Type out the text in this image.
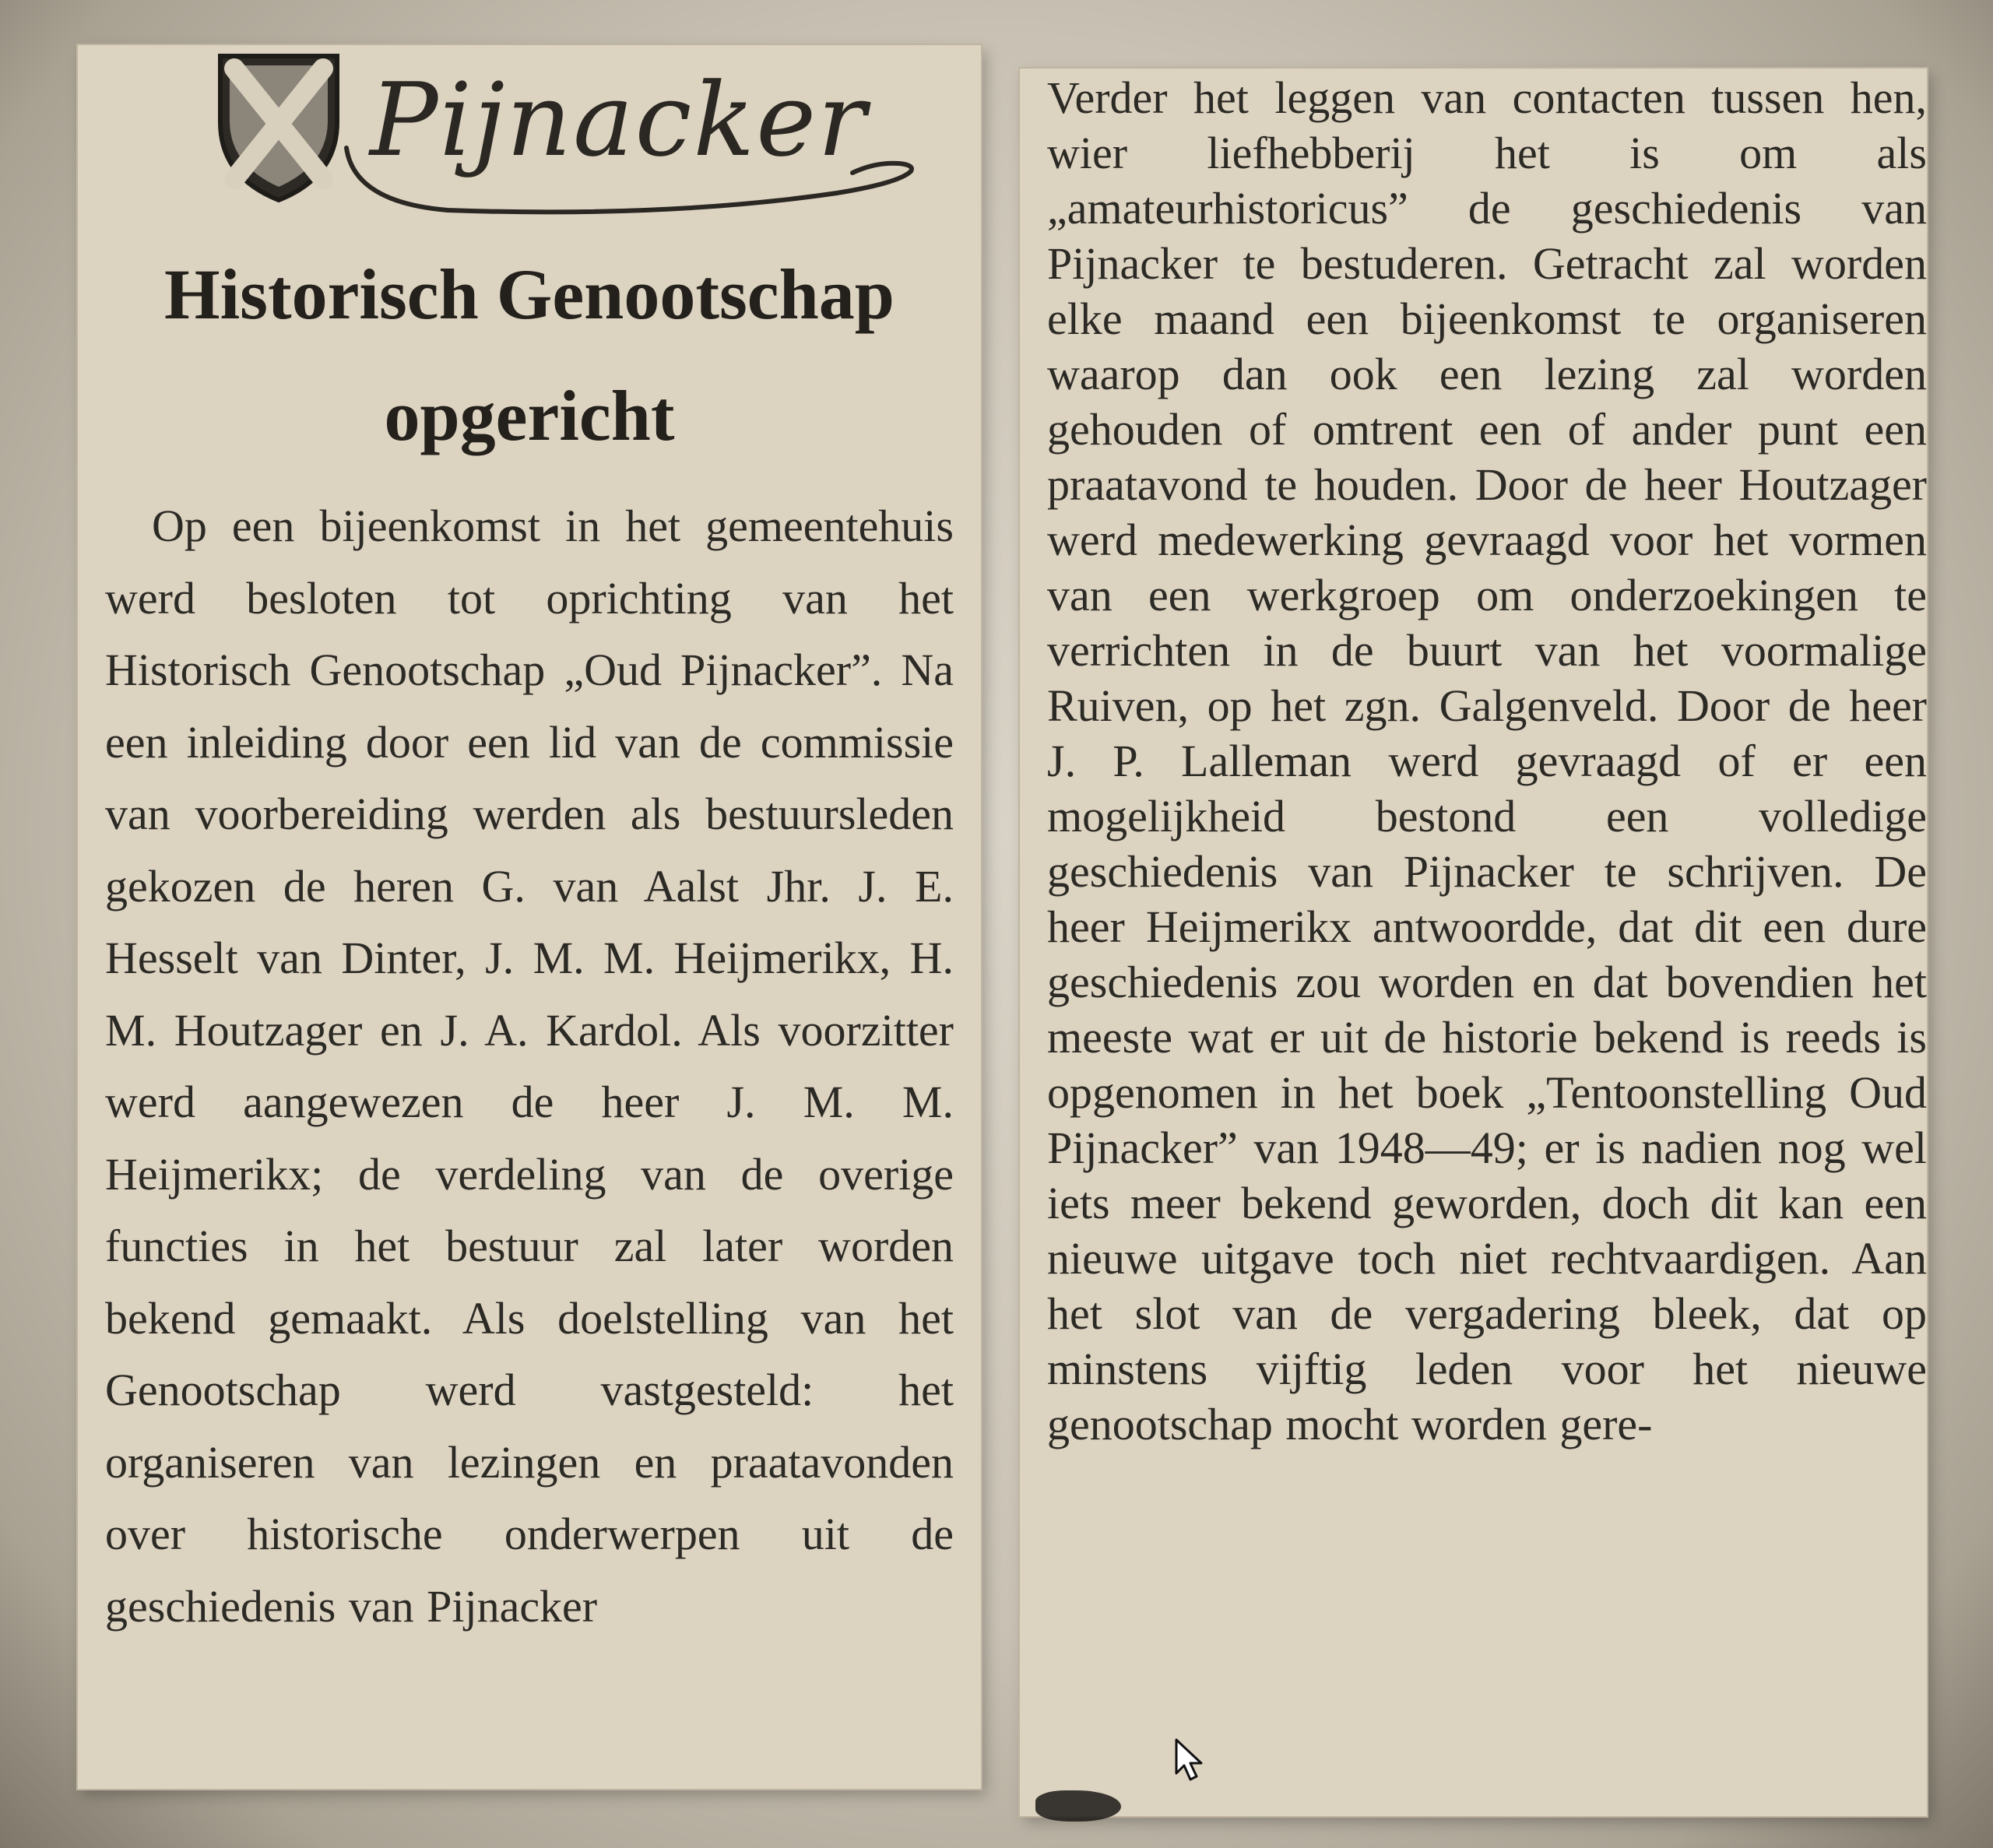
Pijnacker
Historisch Genootschap opgericht

Op een bijeenkomst in het gemeentehuis werd besloten tot oprichting van het Historisch Genootschap „Oud Pijnacker”. Na een inleiding door een lid van de commissie van voorbereiding werden als bestuursleden gekozen de heren G. van Aalst Jhr. J. E. Hesselt van Dinter, J. M. M. Heijmerikx, H. M. Houtzager en J. A. Kardol. Als voorzitter werd aangewezen de heer J. M. M. Heijmerikx; de verdeling van de overige functies in het bestuur zal later worden bekend gemaakt. Als doelstelling van het Genootschap werd vastgesteld: het organiseren van lezingen en praatavonden over historische onderwerpen uit de geschiedenis van Pijnacker

Verder het leggen van contacten tussen hen, wier liefhebberij het is om als „amateurhistoricus” de geschiedenis van Pijnacker te bestuderen. Getracht zal worden elke maand een bijeenkomst te organiseren waarop dan ook een lezing zal worden gehouden of omtrent een of ander punt een praatavond te houden. Door de heer Houtzager werd medewerking gevraagd voor het vormen van een werkgroep om onderzoekingen te verrichten in de buurt van het voormalige Ruiven, op het zgn. Galgenveld. Door de heer J. P. Lalleman werd gevraagd of er een mogelijkheid bestond een volledige geschiedenis van Pijnacker te schrijven. De heer Heijmerikx antwoordde, dat dit een dure geschiedenis zou worden en dat bovendien het meeste wat er uit de historie bekend is reeds is opgenomen in het boek „Tentoonstelling Oud Pijnacker” van 1948—49; er is nadien nog wel iets meer bekend geworden, doch dit kan een nieuwe uitgave toch niet rechtvaardigen. Aan het slot van de vergadering bleek, dat op minstens vijftig leden voor het nieuwe genootschap mocht worden gere-
